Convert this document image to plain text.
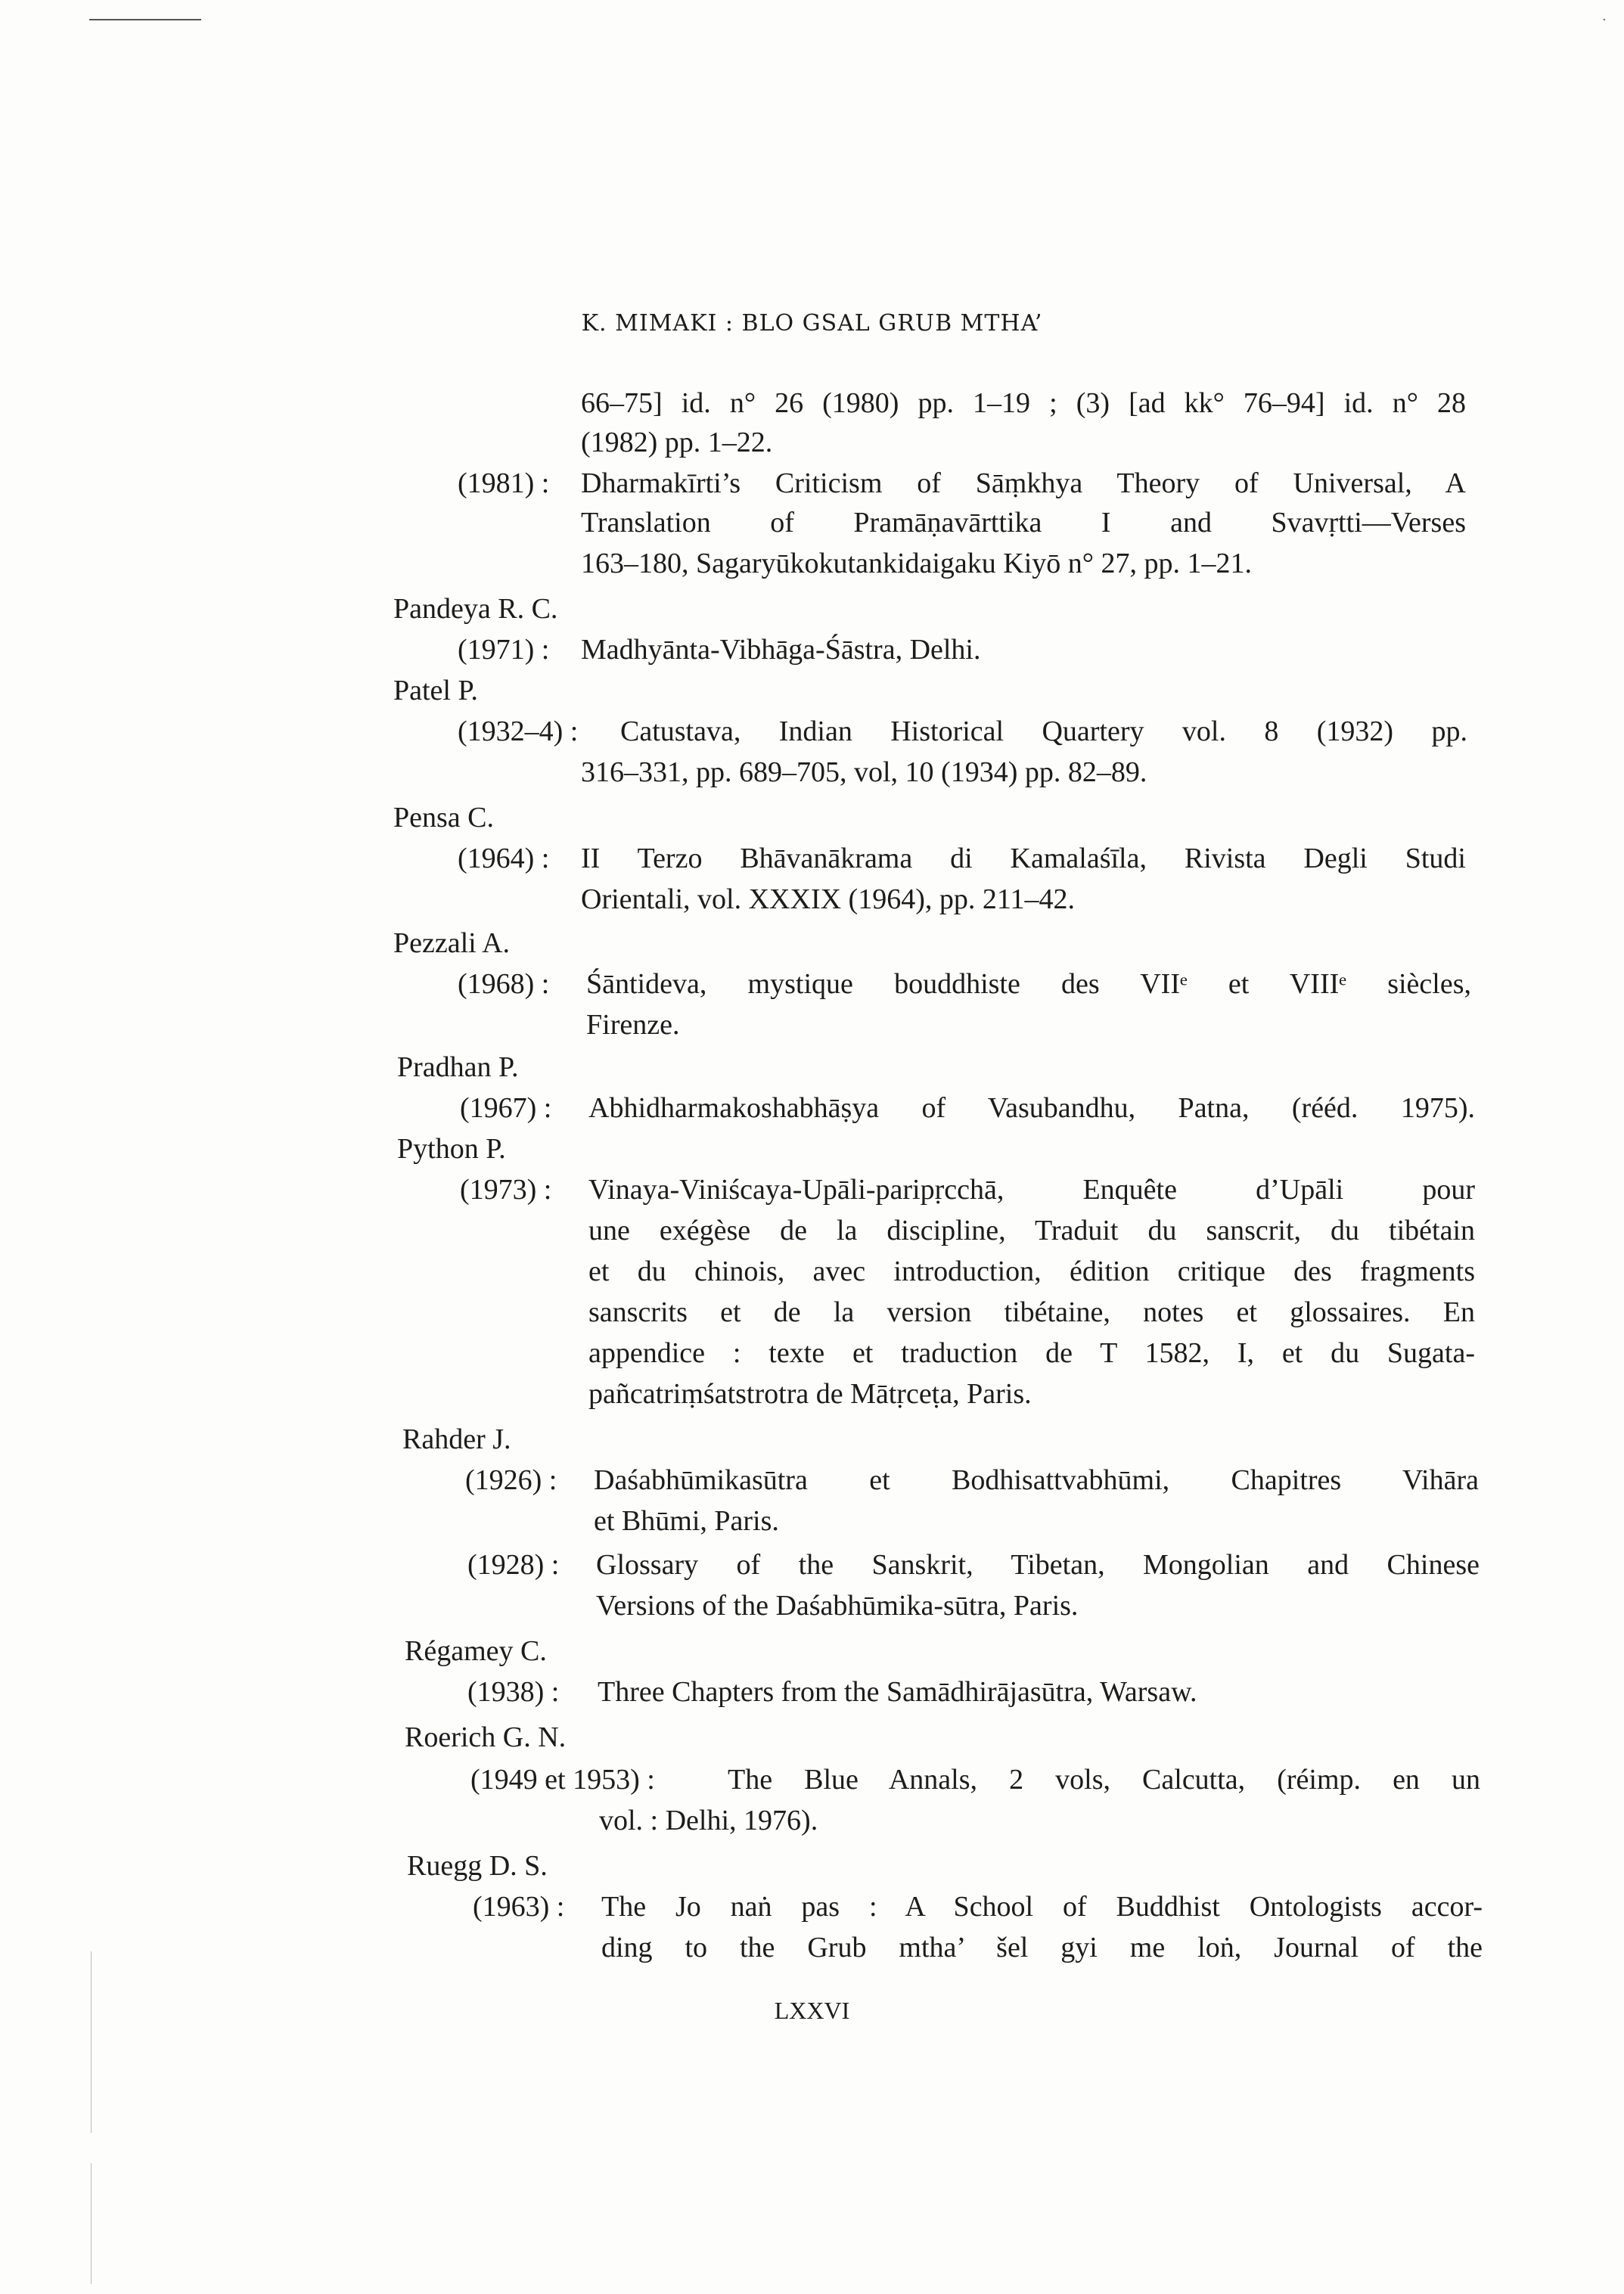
·
K. MIMAKI : BLO GSAL GRUB MTHA’
66–75] id. n° 26 (1980) pp. 1–19 ; (3) [ad kk° 76–94] id. n° 28
(1982) pp. 1–22.
(1981) : Dharmakīrti’s Criticism of Sāṃkhya Theory of Universal, A
Translation of Pramāṇavārttika I and Svavṛtti—Verses
163–180, Sagaryūkokutankidaigaku Kiyō n° 27, pp. 1–21.
Pandeya R. C.
(1971) : Madhyānta-Vibhāga-Śāstra, Delhi.
Patel P.
(1932–4) : Catustava, Indian Historical Quartery vol. 8 (1932) pp.
316–331, pp. 689–705, vol, 10 (1934) pp. 82–89.
Pensa C.
(1964) : II Terzo Bhāvanākrama di Kamalaśīla, Rivista Degli Studi
Orientali, vol. XXXIX (1964), pp. 211–42.
Pezzali A.
(1968) : Śāntideva, mystique bouddhiste des VIIᵉ et VIIIᵉ siècles,
Firenze.
Pradhan P.
(1967) : Abhidharmakoshabhāṣya of Vasubandhu, Patna, (rééd. 1975).
Python P.
(1973) : Vinaya-Viniścaya-Upāli-paripṛcchā, Enquête d’Upāli pour
une exégèse de la discipline, Traduit du sanscrit, du tibétain
et du chinois, avec introduction, édition critique des fragments
sanscrits et de la version tibétaine, notes et glossaires. En
appendice : texte et traduction de T 1582, I, et du Sugata-
pañcatriṃśatstrotra de Mātṛceṭa, Paris.
Rahder J.
(1926) : Daśabhūmikasūtra et Bodhisattvabhūmi, Chapitres Vihāra
et Bhūmi, Paris.
(1928) : Glossary of the Sanskrit, Tibetan, Mongolian and Chinese
Versions of the Daśabhūmika-sūtra, Paris.
Régamey C.
(1938) : Three Chapters from the Samādhirājasūtra, Warsaw.
Roerich G. N.
(1949 et 1953) :	The Blue Annals, 2 vols, Calcutta, (réimp. en un
vol. : Delhi, 1976).
Ruegg D. S.
(1963) : The Jo naṅ pas : A School of Buddhist Ontologists accor-
ding to the Grub mtha’ šel gyi me loṅ, Journal of the
LXXVI
